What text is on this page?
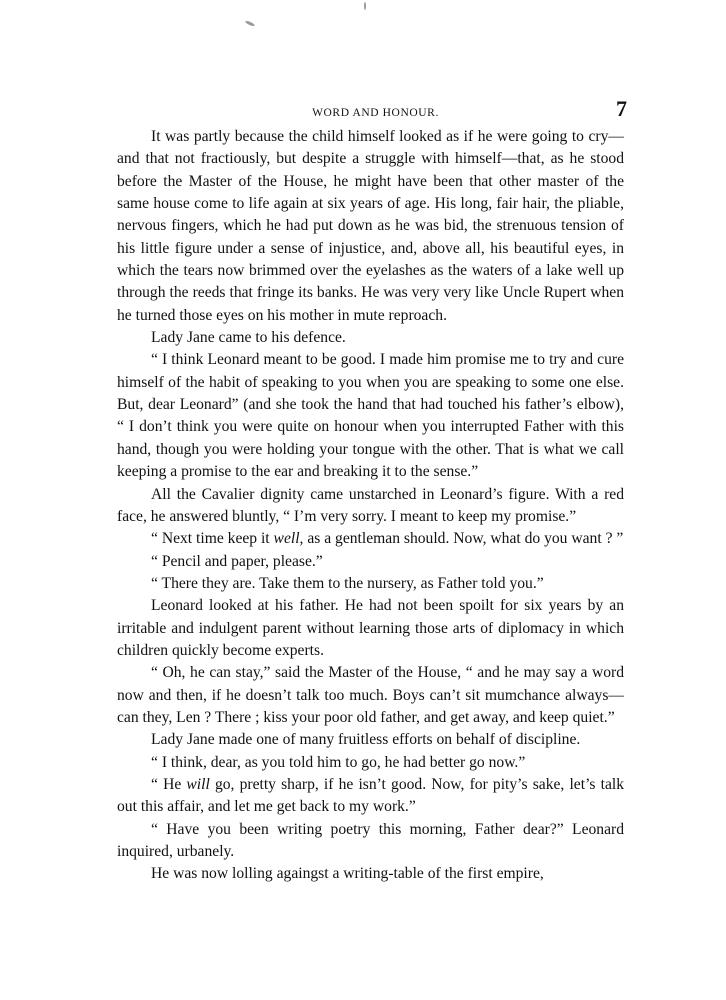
WORD AND HONOUR.	7

It was partly because the child himself looked as if he were going to cry—and that not fractiously, but despite a struggle with himself—that, as he stood before the Master of the House, he might have been that other master of the same house come to life again at six years of age. His long, fair hair, the pliable, nervous fingers, which he had put down as he was bid, the strenuous tension of his little figure under a sense of injustice, and, above all, his beautiful eyes, in which the tears now brimmed over the eyelashes as the waters of a lake well up through the reeds that fringe its banks. He was very very like Uncle Rupert when he turned those eyes on his mother in mute reproach.

Lady Jane came to his defence.

“ I think Leonard meant to be good. I made him promise me to try and cure himself of the habit of speaking to you when you are speaking to some one else. But, dear Leonard” (and she took the hand that had touched his father’s elbow), “ I don’t think you were quite on honour when you interrupted Father with this hand, though you were holding your tongue with the other. That is what we call keeping a promise to the ear and breaking it to the sense.”

All the Cavalier dignity came unstarched in Leonard’s figure. With a red face, he answered bluntly, “ I’m very sorry. I meant to keep my promise.”

“ Next time keep it well, as a gentleman should. Now, what do you want ? ”

“ Pencil and paper, please.”

“ There they are. Take them to the nursery, as Father told you.”

Leonard looked at his father. He had not been spoilt for six years by an irritable and indulgent parent without learning those arts of diplomacy in which children quickly become experts.

“ Oh, he can stay,” said the Master of the House, “ and he may say a word now and then, if he doesn’t talk too much. Boys can’t sit mumchance always—can they, Len ? There ; kiss your poor old father, and get away, and keep quiet.”

Lady Jane made one of many fruitless efforts on behalf of discipline.

“ I think, dear, as you told him to go, he had better go now.”

“ He will go, pretty sharp, if he isn’t good. Now, for pity’s sake, let’s talk out this affair, and let me get back to my work.”

“ Have you been writing poetry this morning, Father dear?” Leonard inquired, urbanely.

He was now lolling againgst a writing-table of the first empire,
